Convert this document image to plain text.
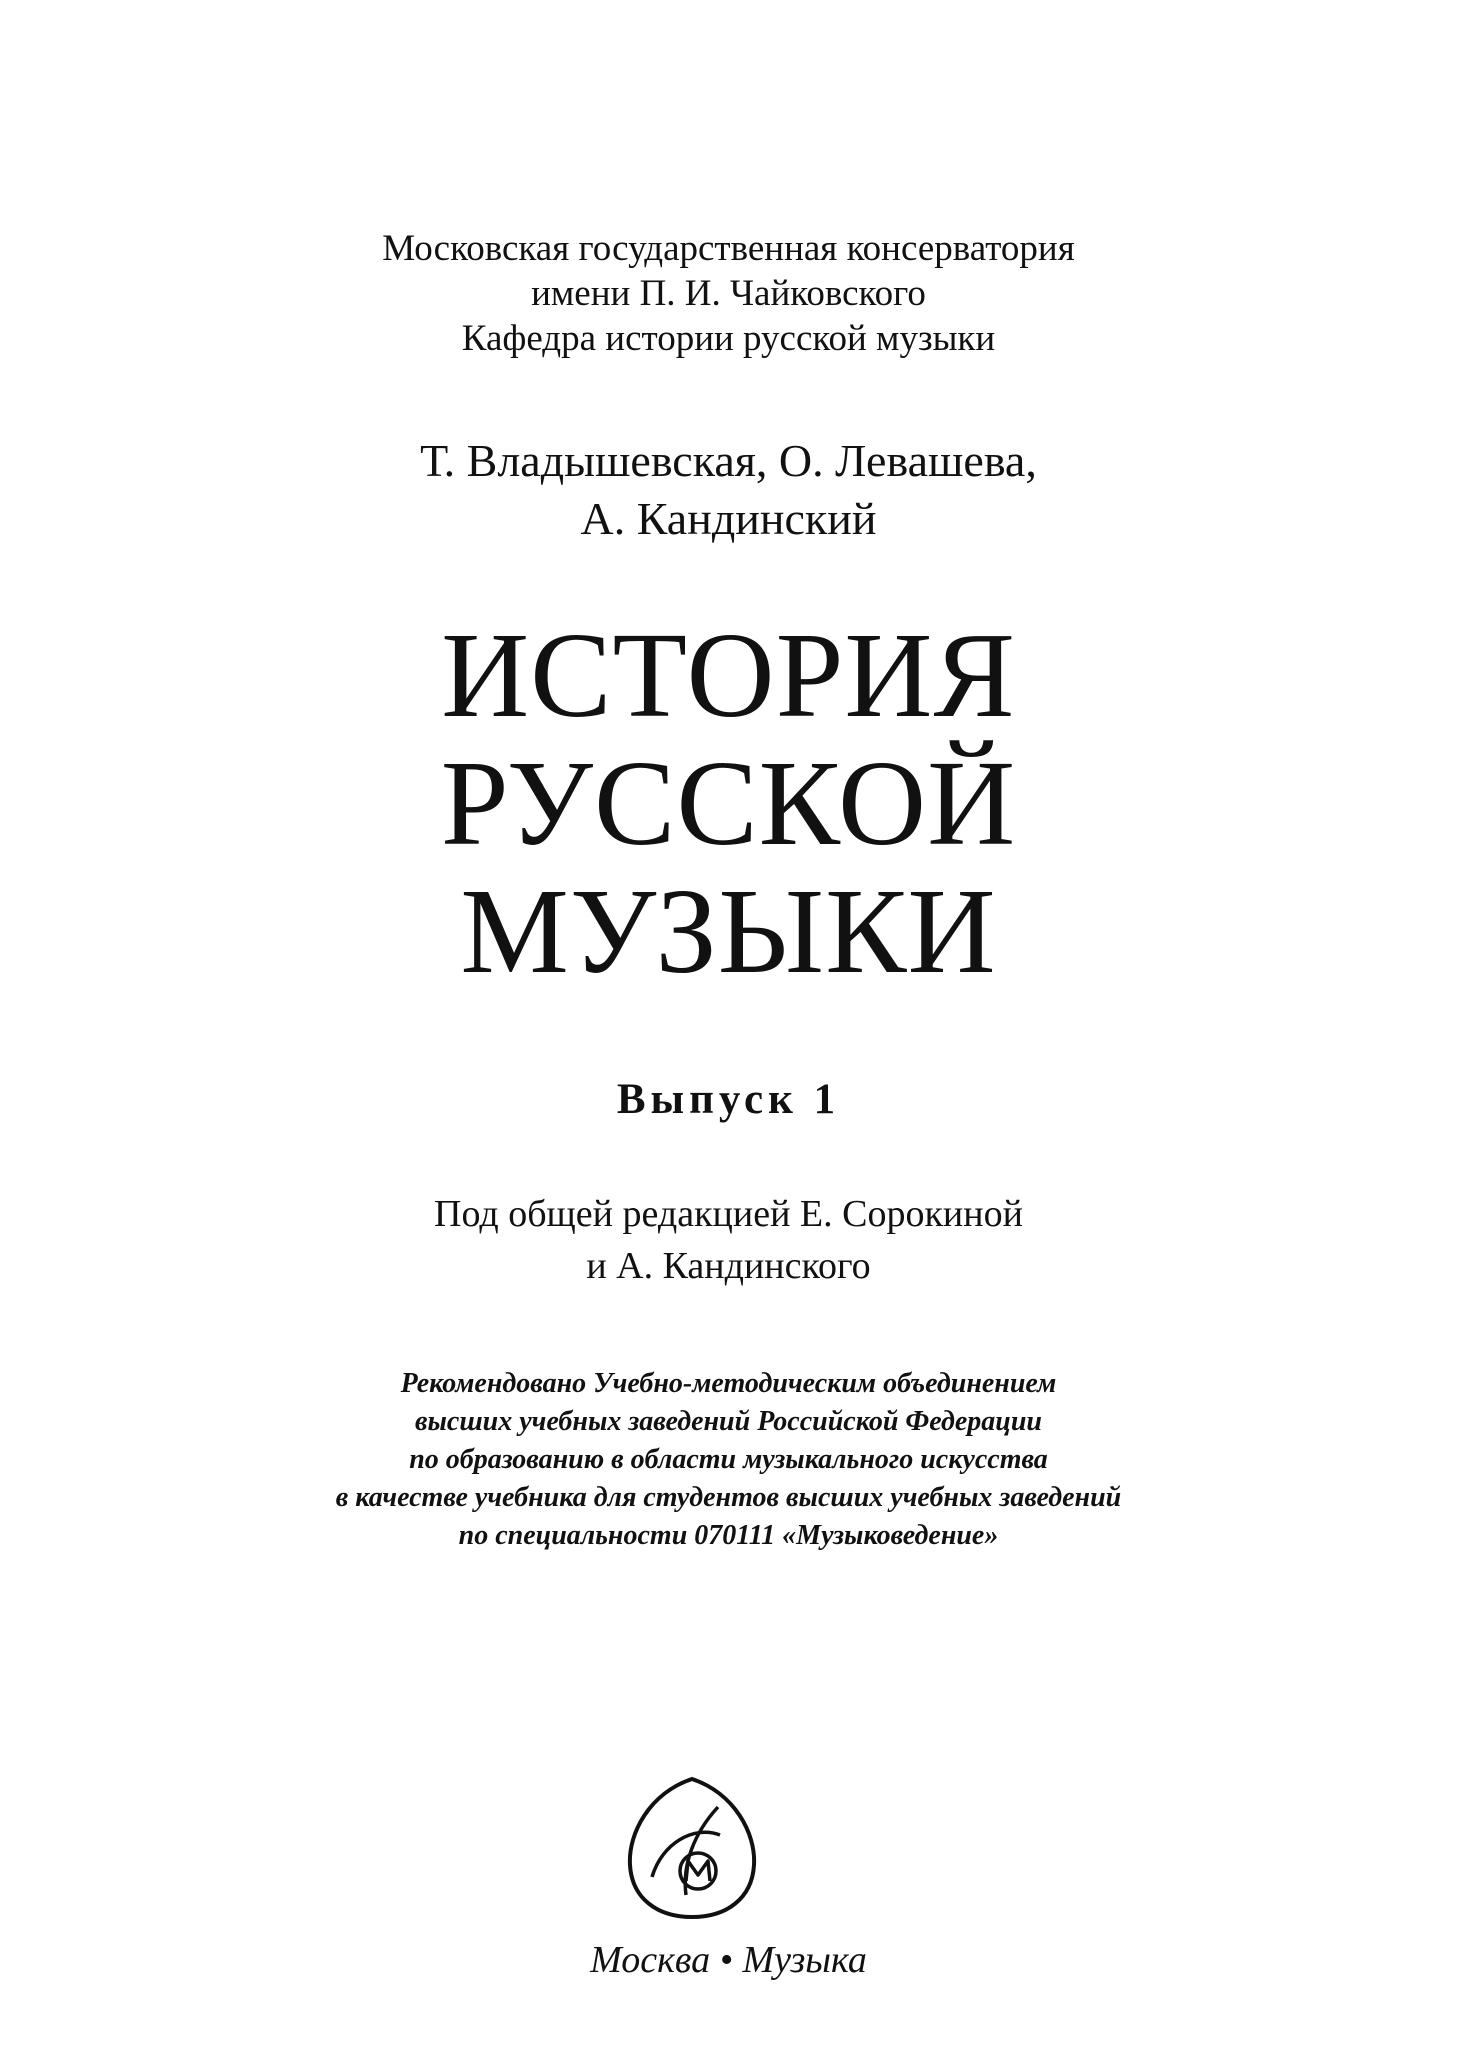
Московская государственная консерватория
имени П. И. Чайковского
Кафедра истории русской музыки
Т. Владышевская, О. Левашева,
А. Кандинский
ИСТОРИЯ
РУССКОЙ
МУЗЫКИ
Выпуск 1
Под общей редакцией Е. Сорокиной
и А. Кандинского
Рекомендовано Учебно-методическим объединением
высших учебных заведений Российской Федерации
по образованию в области музыкального искусства
в качестве учебника для студентов высших учебных заведений
по специальности 070111 «Музыковедение»
Москва • Музыка
